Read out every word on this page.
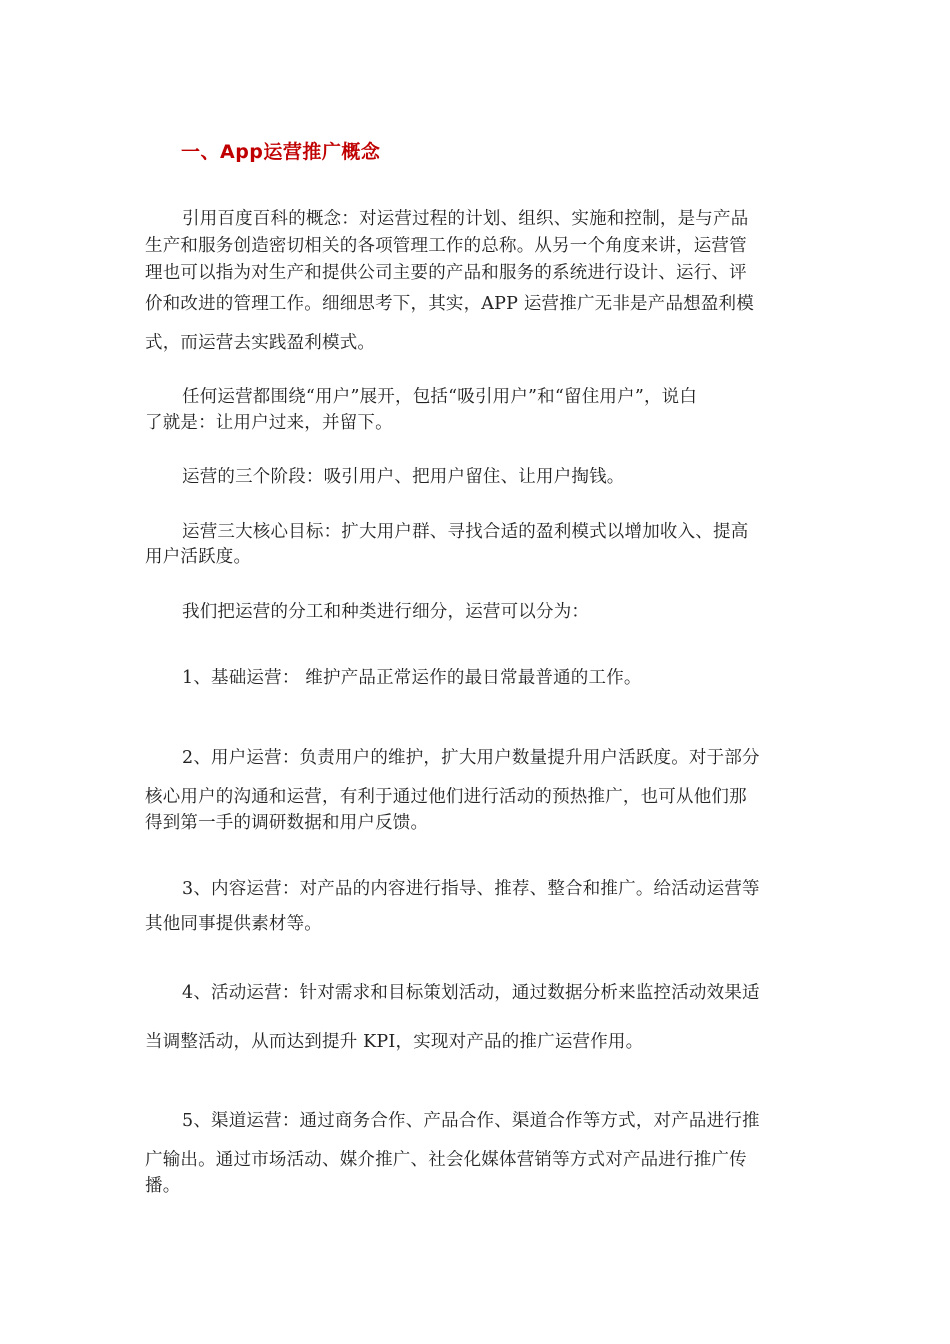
一、App运营推广概念
引用百度百科的概念：对运营过程的计划、组织、实施和控制，是与产品
生产和服务创造密切相关的各项管理工作的总称。从另一个角度来讲，运营管
理也可以指为对生产和提供公司主要的产品和服务的系统进行设计、运行、评
价和改进的管理工作。细细思考下，其实，APP 运营推广无非是产品想盈利模
式，而运营去实践盈利模式。
任何运营都围绕“用户”展开，包括“吸引用户”和“留住用户”，说白
了就是：让用户过来，并留下。
运营的三个阶段：吸引用户、把用户留住、让用户掏钱。
运营三大核心目标：扩大用户群、寻找合适的盈利模式以增加收入、提高
用户活跃度。
我们把运营的分工和种类进行细分，运营可以分为：
1、基础运营： 维护产品正常运作的最日常最普通的工作。
2、用户运营：负责用户的维护，扩大用户数量提升用户活跃度。对于部分
核心用户的沟通和运营，有利于通过他们进行活动的预热推广，也可从他们那
得到第一手的调研数据和用户反馈。
3、内容运营：对产品的内容进行指导、推荐、整合和推广。给活动运营等
其他同事提供素材等。
4、活动运营：针对需求和目标策划活动，通过数据分析来监控活动效果适
当调整活动，从而达到提升 KPI，实现对产品的推广运营作用。
5、渠道运营：通过商务合作、产品合作、渠道合作等方式，对产品进行推
广输出。通过市场活动、媒介推广、社会化媒体营销等方式对产品进行推广传
播。
